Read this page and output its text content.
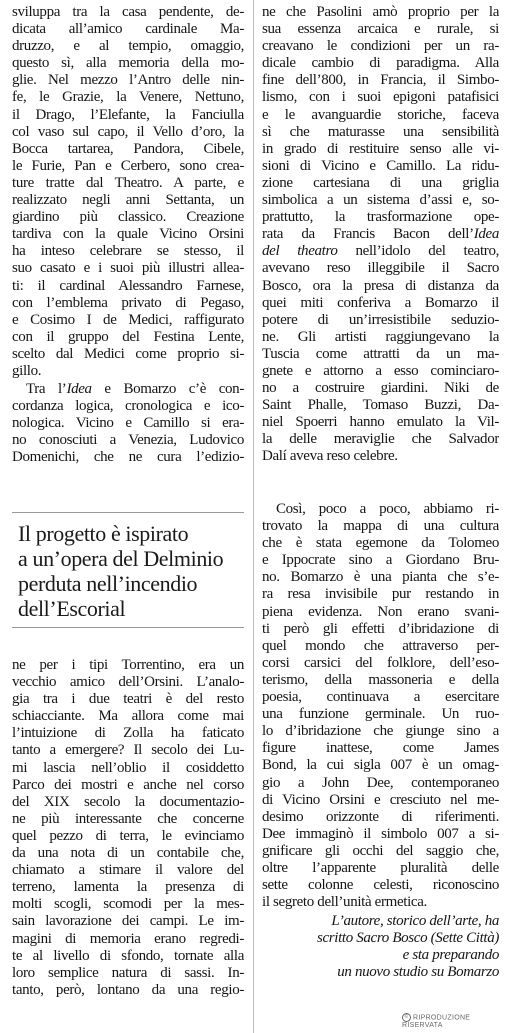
sviluppa tra la casa pendente, de-
dicata all’amico cardinale Ma-
druzzo, e al tempio, omaggio,
questo sì, alla memoria della mo-
glie. Nel mezzo l’Antro delle nin-
fe, le Grazie, la Venere, Nettuno,
il Drago, l’Elefante, la Fanciulla
col vaso sul capo, il Vello d’oro, la
Bocca tartarea, Pandora, Cibele,
le Furie, Pan e Cerbero, sono crea-
ture tratte dal Theatro. A parte, e
realizzato negli anni Settanta, un
giardino più classico. Creazione
tardiva con la quale Vicino Orsini
ha inteso celebrare se stesso, il
suo casato e i suoi più illustri allea-
ti: il cardinal Alessandro Farnese,
con l’emblema privato di Pegaso,
e Cosimo I de Medici, raffigurato
con il gruppo del Festina Lente,
scelto dal Medici come proprio si-
gillo.
Tra l’Idea e Bomarzo c’è con-
cordanza logica, cronologica e ico-
nologica. Vicino e Camillo si era-
no conosciuti a Venezia, Ludovico
Domenichi, che ne cura l’edizio-
Il progetto è ispirato
a un’opera del Delminio
perduta nell’incendio
dell’Escorial
ne per i tipi Torrentino, era un
vecchio amico dell’Orsini. L’analo-
gia tra i due teatri è del resto
schiacciante. Ma allora come mai
l’intuizione di Zolla ha faticato
tanto a emergere? Il secolo dei Lu-
mi lascia nell’oblio il cosiddetto
Parco dei mostri e anche nel corso
del XIX secolo la documentazio-
ne più interessante che concerne
quel pezzo di terra, le evinciamo
da una nota di un contabile che,
chiamato a stimare il valore del
terreno, lamenta la presenza di
molti scogli, scomodi per la mes-
sain lavorazione dei campi. Le im-
magini di memoria erano regredi-
te al livello di sfondo, tornate alla
loro semplice natura di sassi. In-
tanto, però, lontano da una regio-
ne che Pasolini amò proprio per la
sua essenza arcaica e rurale, si
creavano le condizioni per un ra-
dicale cambio di paradigma. Alla
fine dell’800, in Francia, il Simbo-
lismo, con i suoi epigoni patafisici
e le avanguardie storiche, faceva
sì che maturasse una sensibilità
in grado di restituire senso alle vi-
sioni di Vicino e Camillo. La ridu-
zione cartesiana di una griglia
simbolica a un sistema d’assi e, so-
prattutto, la trasformazione ope-
rata da Francis Bacon dell’Idea
del theatro nell’idolo del teatro,
avevano reso illeggibile il Sacro
Bosco, ora la presa di distanza da
quei miti conferiva a Bomarzo il
potere di un’irresistibile seduzio-
ne. Gli artisti raggiungevano la
Tuscia come attratti da un ma-
gnete e attorno a esso cominciaro-
no a costruire giardini. Niki de
Saint Phalle, Tomaso Buzzi, Da-
niel Spoerri hanno emulato la Vil-
la delle meraviglie che Salvador
Dalí aveva reso celebre.
Così, poco a poco, abbiamo ri-
trovato la mappa di una cultura
che è stata egemone da Tolomeo
e Ippocrate sino a Giordano Bru-
no. Bomarzo è una pianta che s’e-
ra resa invisibile pur restando in
piena evidenza. Non erano svani-
ti però gli effetti d’ibridazione di
quel mondo che attraverso per-
corsi carsici del folklore, dell’eso-
terismo, della massoneria e della
poesia, continuava a esercitare
una funzione germinale. Un ruo-
lo d’ibridazione che giunge sino a
figure inattese, come James
Bond, la cui sigla 007 è un omag-
gio a John Dee, contemporaneo
di Vicino Orsini e cresciuto nel me-
desimo orizzonte di riferimenti.
Dee immaginò il simbolo 007 a si-
gnificare gli occhi del saggio che,
oltre l’apparente pluralità delle
sette colonne celesti, riconoscino
il segreto dell’unità ermetica.
L’autore, storico dell’arte, ha
scritto Sacro Bosco (Sette Città)
e sta preparando
un nuovo studio su Bomarzo
© RIPRODUZIONE RISERVATA
